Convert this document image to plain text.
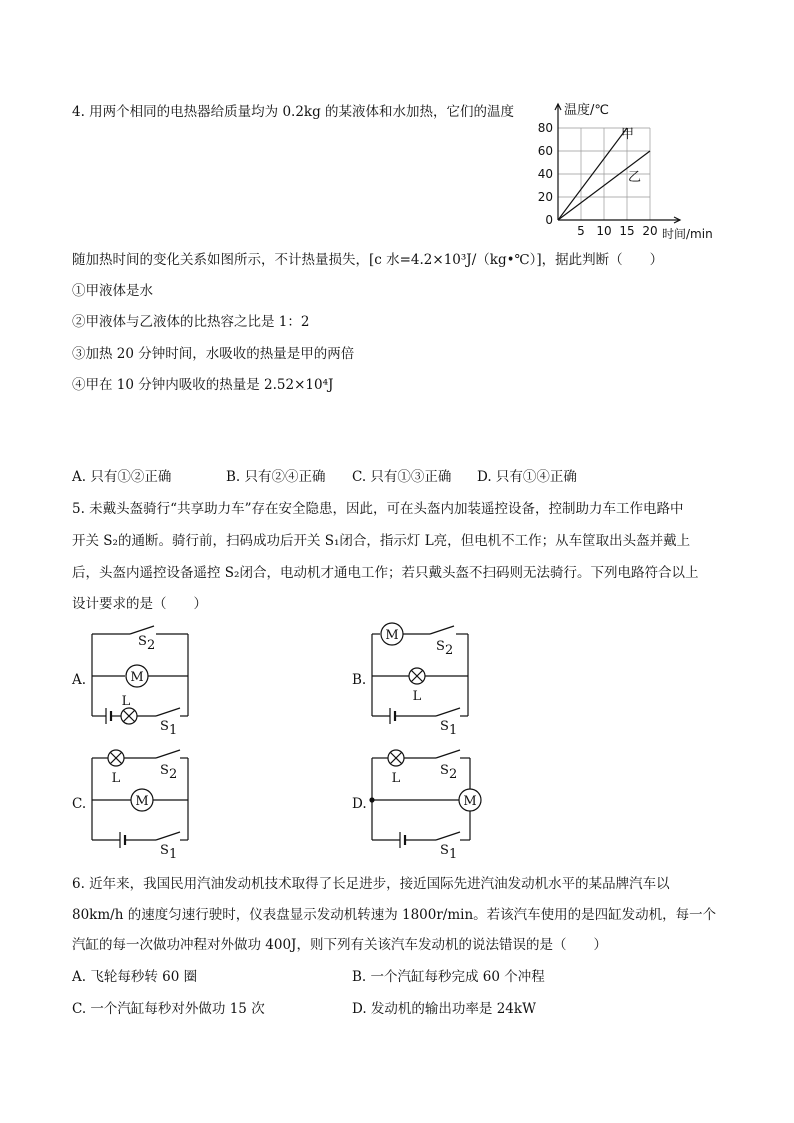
4. 用两个相同的电热器给质量均为 0.2kg 的某液体和水加热，它们的温度
0
20
40
60
80
5 10 15 20
甲
乙
温度/℃
时间/min
随加热时间的变化关系如图所示，不计热量损失，[c 水=4.2×10³J/（kg•℃）]，据此判断（　　）
①甲液体是水
②甲液体与乙液体的比热容之比是 1：2
③加热 20 分钟时间，水吸收的热量是甲的两倍
④甲在 10 分钟内吸收的热量是 2.52×10⁴J
A. 只有①②正确	B. 只有②④正确 C. 只有①③正确 D. 只有①④正确
5. 未戴头盔骑行“共享助力车”存在安全隐患，因此，可在头盔内加装遥控设备，控制助力车工作电路中
开关 S₂的通断。骑行前，扫码成功后开关 S₁闭合，指示灯 L亮，但电机不工作；从车筐取出头盔并戴上
后，头盔内遥控设备遥控 S₂闭合，电动机才通电工作；若只戴头盔不扫码则无法骑行。下列电路符合以上
设计要求的是（　　）
A.	M
L
S 2
S 1
B.
M
L
S 2
S 1
C.	M
L
S 2
S 1
D.	M
L
S 2
S 1
6. 近年来，我国民用汽油发动机技术取得了长足进步，接近国际先进汽油发动机水平的某品牌汽车以
80km/h 的速度匀速行驶时，仪表盘显示发动机转速为 1800r/min。若该汽车使用的是四缸发动机，每一个
汽缸的每一次做功冲程对外做功 400J，则下列有关该汽车发动机的说法错误的是（　　）
A. 飞轮每秒转 60 圈	B. 一个汽缸每秒完成 60 个冲程
C. 一个汽缸每秒对外做功 15 次	D. 发动机的输出功率是 24kW
